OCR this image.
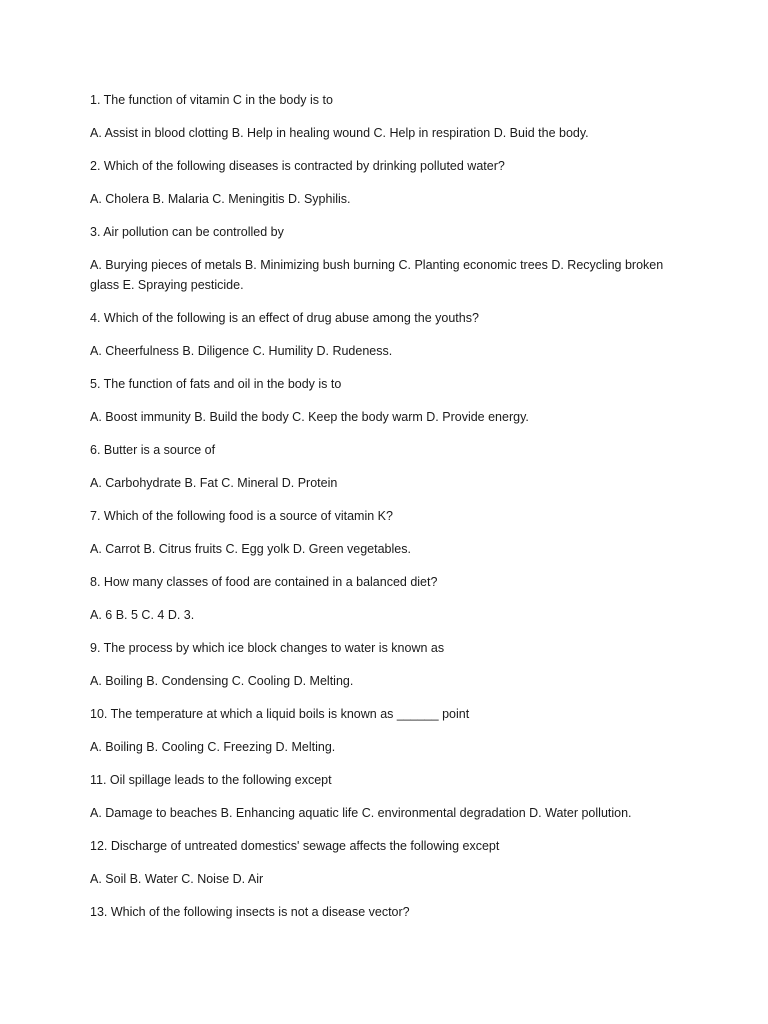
1. The function of vitamin C in the body is to

A. Assist in blood clotting B. Help in healing wound C. Help in respiration D. Buid the body.

2. Which of the following diseases is contracted by drinking polluted water?

A. Cholera B. Malaria C. Meningitis D. Syphilis.

3. Air pollution can be controlled by

A. Burying pieces of metals B. Minimizing bush burning C. Planting economic trees D. Recycling broken glass E. Spraying pesticide.

4. Which of the following is an effect of drug abuse among the youths?

A. Cheerfulness B. Diligence C. Humility D. Rudeness.

5. The function of fats and oil in the body is to

A. Boost immunity B. Build the body C. Keep the body warm D. Provide energy.

6. Butter is a source of

A. Carbohydrate B. Fat C. Mineral D. Protein

7. Which of the following food is a source of vitamin K?

A. Carrot B. Citrus fruits C. Egg yolk D. Green vegetables.

8. How many classes of food are contained in a balanced diet?

A. 6 B. 5 C. 4 D. 3.

9. The process by which ice block changes to water is known as

A. Boiling B. Condensing C. Cooling D. Melting.

10. The temperature at which a liquid boils is known as ______ point

A. Boiling B. Cooling C. Freezing D. Melting.

11. Oil spillage leads to the following except

A. Damage to beaches B. Enhancing aquatic life C. environmental degradation D. Water pollution.

12. Discharge of untreated domestics' sewage affects the following except

A. Soil B. Water C. Noise D. Air

13. Which of the following insects is not a disease vector?
